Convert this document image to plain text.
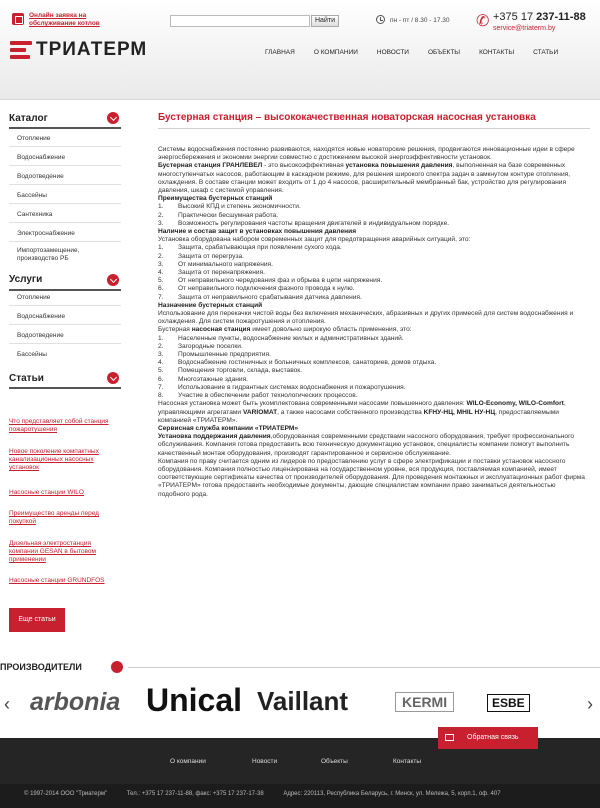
Онлайн заявка на обслуживание котлов
ТРИАТЕРМ
Найти	пн - пт / 8.30 - 17.30 ✆ +375 17 237-11-88
service@triaterm.by
ГЛАВНАЯ	О КОМПАНИИ	НОВОСТИ	ОБЪЕКТЫ	КОНТАКТЫ	СТАТЬИ
Каталог
Отопление
Водоснабжение
Водоотведение
Бассейны
Сантехника
Электроснабжение
Импортозамещение, производство РБ
Услуги
Отопление
Водоснабжение
Водоотведение
Бассейны
Статьи
Что представляет собой станция пожаротушения
Новое поколение компактных канализационных насосных установок
Насосные станции WILO
Преимущество аренды перед покупкой
Дизельная электростанция компании GESAN в бытовом применении
Насосные станции GRUNDFOS
Еще статьи
Бустерная станция – высококачественная новаторская насосная установка
Системы водоснабжения постоянно развиваются, находятся новые новаторские решения, продвигаются инновационные идеи в сфере энергосбережения и экономии энергии совместно с достижением высокой энергоэффективности установок.
Бустерная станция ГРАНЛЕВЕЛ - это высокоэффективная установка повышения давления, выполненная на базе современных многоступенчатых насосов, работающим в каскадном режиме, для решения широкого спектра задач в замкнутом контуре отопления, охлаждения. В составе станции может входить от 1 до 4 насосов, расширительный мембранный бак, устройство для регулирования давления, шкаф с системой управления.
Преимущества бустерных станций
1. Высокий КПД и степень экономичности.
2. Практически бесшумная работа.
3. Возможность регулирования частоты вращения двигателей в индивидуальном порядке.
Наличие и состав защит в установках повышения давления
Установка оборудована набором современных защит для предотвращения аварийных ситуаций, это:
1. Защита, срабатывающая при появлении сухого хода.
2. Защита от перегруза.
3. От минимального напряжения.
4. Защита от перенапряжения.
5. От неправильного чередования фаз и обрыва в цепи напряжения.
6. От неправильного подключения фазного провода к нулю.
7. Защита от неправильного срабатывания датчика давления.
Назначение бустерных станций
Использование для перекачки чистой воды без включения механических, абразивных и других примесей для систем водоснабжения и охлаждения. Для систем пожаротушения и отопления.
Бустерная насосная станция имеет довольно широкую область применения, это:
1. Населенные пункты, водоснабжение жилых и административных зданий.
2. Загородные поселки.
3. Промышленные предприятия.
4. Водоснабжение гостиничных и больничных комплексов, санаториев, домов отдыха.
5. Помещения торговли, склада, выставок.
6. Многоэтажные здания.
7. Использование в гидрантных системах водоснабжения и пожаротушения.
8. Участие в обеспечении работ технологических процессов.
Насосная установка может быть укомплектована современными насосами повышенного давления: WILO-Economy, WILO-Comfort, управляющими агрегатами VARIOMAT, а также насосами собственного производства KFHУ-НЦ, MHIL HУ-НЦ, предоставляемыми компанией «ТРИАТЕРМ».
Сервисная служба компании «ТРИАТЕРМ»
Установка поддержания давления,оборудованная современными средствами насосного оборудования, требует профессионального обслуживания. Компания готова предоставить всю техническую документацию установок, специалисты компании помогут выполнить качественный монтаж оборудования, производят гарантированное и сервисное обслуживание.
Компания по праву считается одним из лидеров по предоставлению услуг в сфере электрификации и поставки установок насосного оборудования. Компания полностью лицензирована на государственном уровне, вся продукция, поставляемая компанией, имеет соответствующие сертификаты качества от производителей оборудования. Для проведения монтажных и эксплуатационных работ фирма «ТРИАТЕРМ» готова предоставить необходимые документы, дающие специалистам компании право заниматься деятельностью подобного рода.
ПРОИЗВОДИТЕЛИ
‹ arbonia Unical Vaillant	KERMI	ESBE	›
О компании	Новости	Объекты	Контакты
Обратная связь
© 1997-2014 ООО "Триатерм"	Тел.: +375 17 237-11-88, факс: +375 17 237-17-38	Адрес: 220113, Республика Беларусь, г. Минск, ул. Мележа, 5, корп.1, оф. 407
